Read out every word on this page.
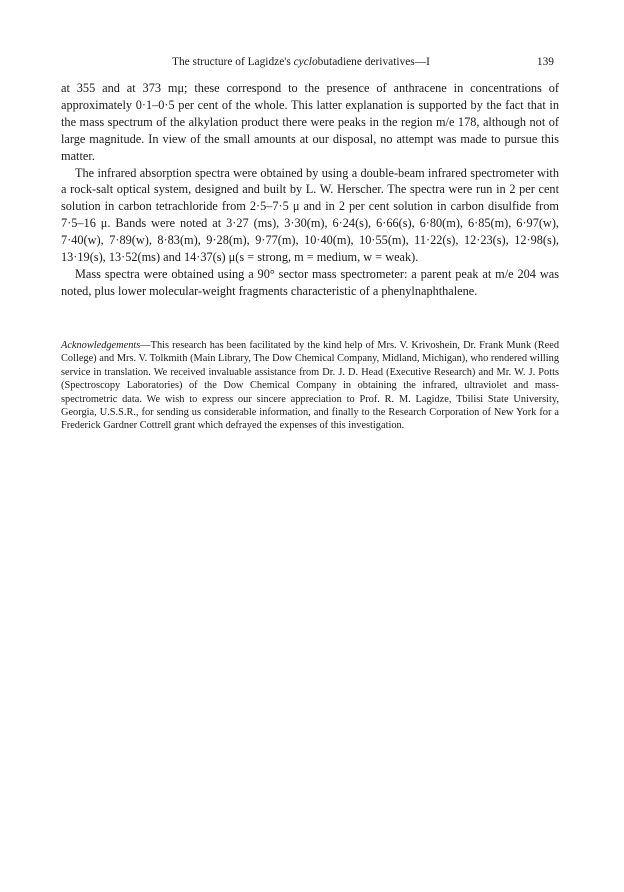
The structure of Lagidze's cyclobutadiene derivatives—I	139

at 355 and at 373 mμ; these correspond to the presence of anthracene in concentrations of approximately 0·1–0·5 per cent of the whole. This latter explanation is supported by the fact that in the mass spectrum of the alkylation product there were peaks in the region m/e 178, although not of large magnitude. In view of the small amounts at our disposal, no attempt was made to pursue this matter.

The infrared absorption spectra were obtained by using a double-beam infrared spectrometer with a rock-salt optical system, designed and built by L. W. Herscher. The spectra were run in 2 per cent solution in carbon tetrachloride from 2·5–7·5 μ and in 2 per cent solution in carbon disulfide from 7·5–16 μ. Bands were noted at 3·27 (ms), 3·30(m), 6·24(s), 6·66(s), 6·80(m), 6·85(m), 6·97(w), 7·40(w), 7·89(w), 8·83(m), 9·28(m), 9·77(m), 10·40(m), 10·55(m), 11·22(s), 12·23(s), 12·98(s), 13·19(s), 13·52(ms) and 14·37(s) μ(s = strong, m = medium, w = weak).

Mass spectra were obtained using a 90° sector mass spectrometer: a parent peak at m/e 204 was noted, plus lower molecular-weight fragments characteristic of a phenylnaphthalene.

Acknowledgements—This research has been facilitated by the kind help of Mrs. V. Krivoshein, Dr. Frank Munk (Reed College) and Mrs. V. Tolkmith (Main Library, The Dow Chemical Company, Midland, Michigan), who rendered willing service in translation. We received invaluable assistance from Dr. J. D. Head (Executive Research) and Mr. W. J. Potts (Spectroscopy Laboratories) of the Dow Chemical Company in obtaining the infrared, ultraviolet and mass-spectrometric data. We wish to express our sincere appreciation to Prof. R. M. Lagidze, Tbilisi State University, Georgia, U.S.S.R., for sending us considerable information, and finally to the Research Corporation of New York for a Frederick Gardner Cottrell grant which defrayed the expenses of this investigation.
